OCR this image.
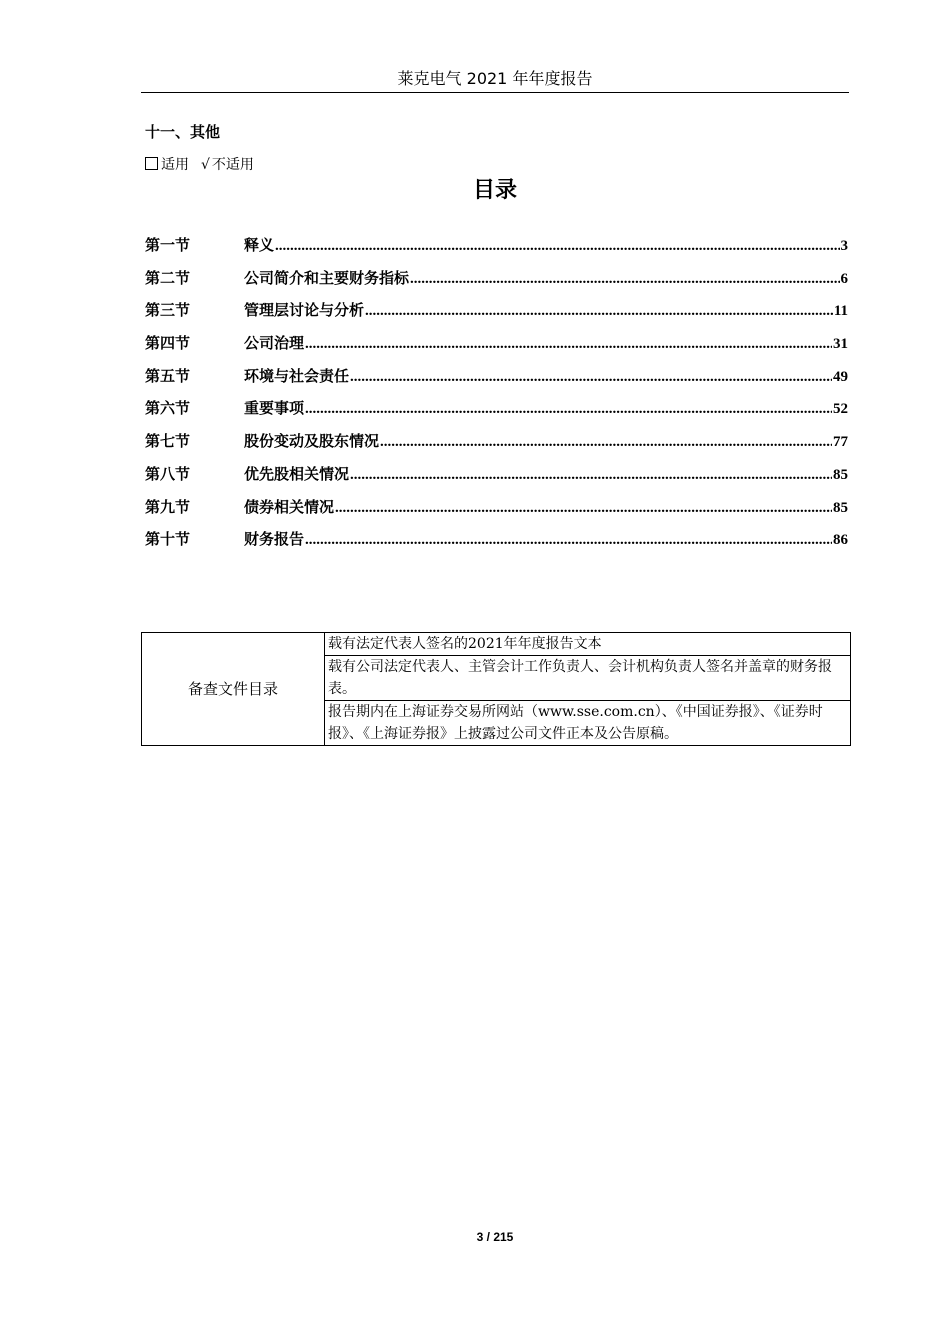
莱克电气 2021 年年度报告
十一、其他
适用 √ 不适用
目录
第一节	释义 .....	3
第二节	公司简介和主要财务指标 .....	6
第三节	管理层讨论与分析 .....	11
第四节	公司治理 .....	31
第五节	环境与社会责任 .....	49
第六节	重要事项 .....	52
第七节	股份变动及股东情况 .....	77
第八节	优先股相关情况 .....	85
第九节	债券相关情况 .....	85
第十节	财务报告 .....	86
备查文件目录	载有法定代表人签名的2021年年度报告文本
载有公司法定代表人、主管会计工作负责人、会计机构负责人签名并盖章的财务报表。
报告期内在上海证券交易所网站（www.sse.com.cn）、《中国证券报》、《证券时报》、《上海证券报》上披露过公司文件正本及公告原稿。
3 / 215
